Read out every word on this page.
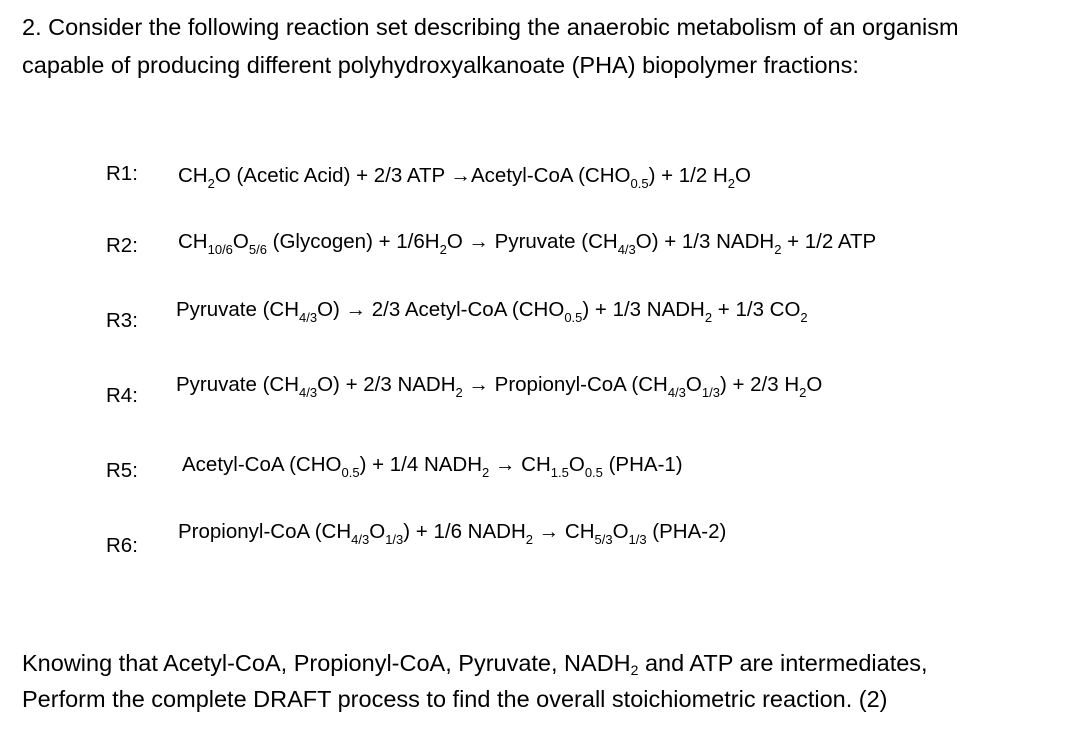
2. Consider the following reaction set describing the anaerobic metabolism of an organism

capable of producing different polyhydroxyalkanoate (PHA) biopolymer fractions:

R1: $CH_2O$ (Acetic Acid) + 2/3 ATP →Acetyl-CoA $(CHO_{0.5}) + 1/2$ $H_2O$
R2: $CH_{10/6}O_{5/6}$ (Glycogen) + $1/6H_2O$ → Pyruvate $(CH_{4/3}O) + 1/3$ $NADH_2 + 1/2$ ATP
R3: Pyruvate $(CH_{4/3}O) \to 2/3$ Acetyl-CoA $(CHO_{0.5}) + 1/3$ $NADH_2 + 1/3$ $CO_2$
R4: Pyruvate $(CH_{4/3}O) + 2/3$ $NADH_2$ → Propionyl-CoA $(CH_{4/3}O_{1/3}) + 2/3$ $H_2O$
R5: Acetyl-CoA $(CHO_{0.5}) + 1/4$ $NADH_2 \to CH_{1.5}O_{0.5}$ (PHA-1)
R6:
Propionyl-CoA $(CH_{4/3}O_{1/3}) + 1/6$ $NADH_2 \to CH_{5/3}O_{1/3}$ (PHA-2)

Knowing that Acetyl-CoA, Propionyl-CoA, Pyruvate, $NADH_2$ and ATP are intermediates,

Perform the complete DRAFT process to find the overall stoichiometric reaction. (2)
